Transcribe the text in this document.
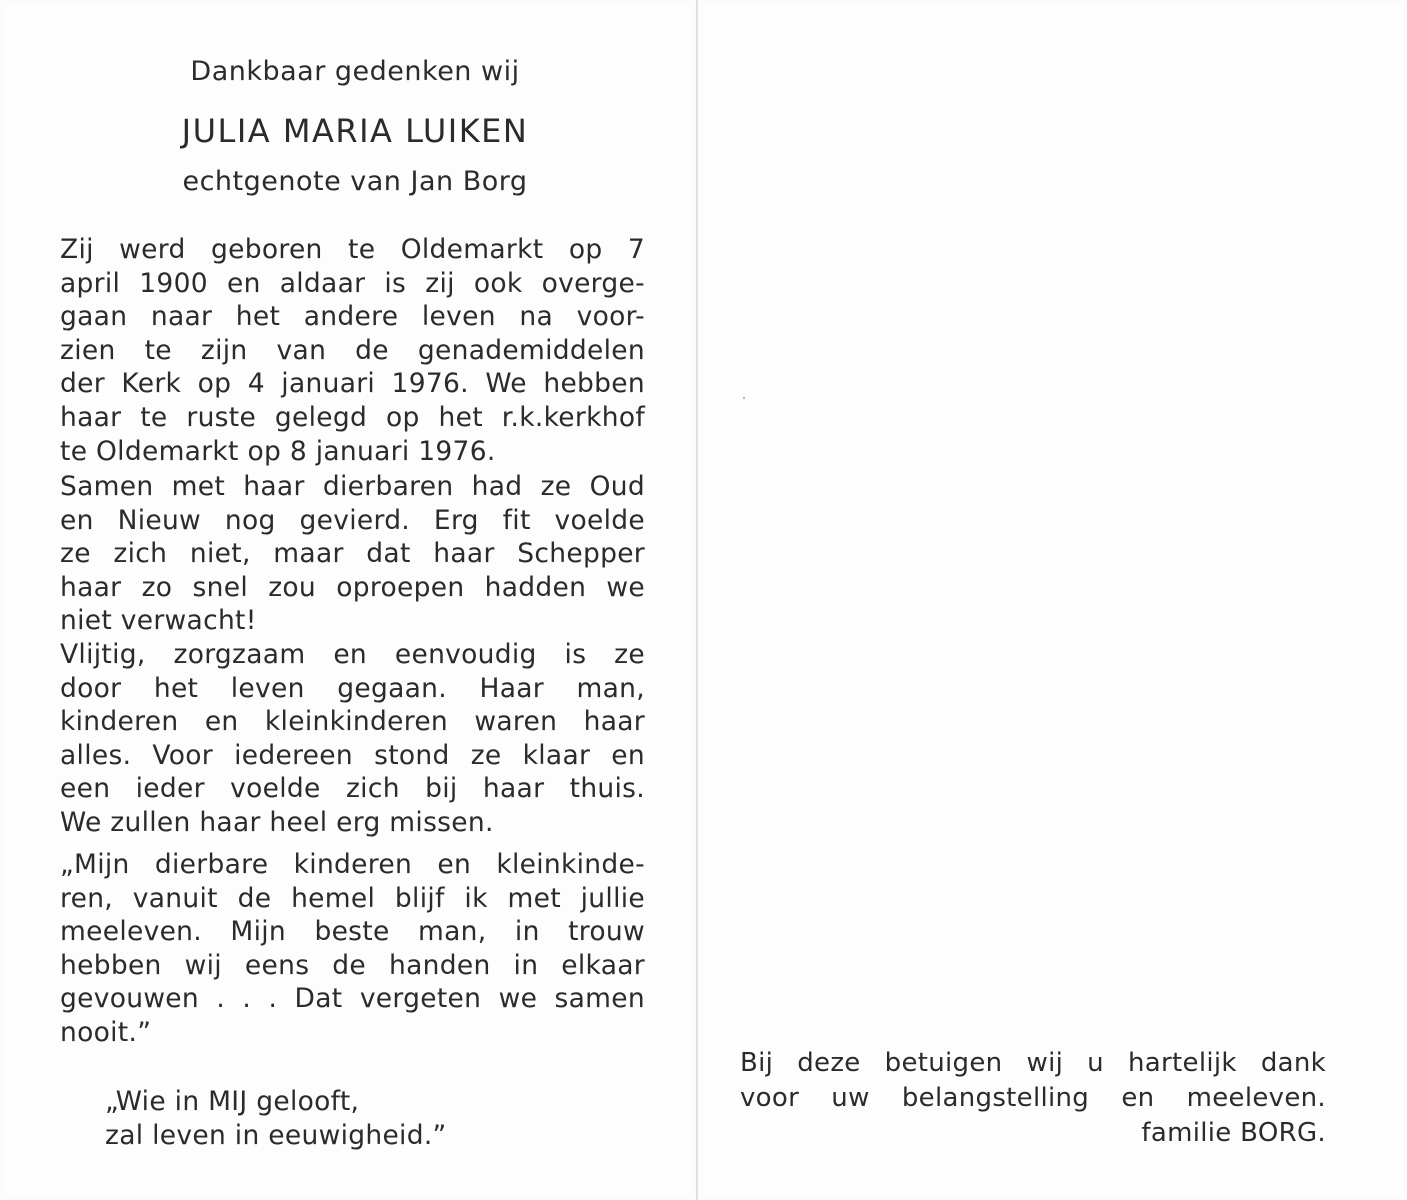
Dankbaar gedenken wij
JULIA MARIA LUIKEN
echtgenote van Jan Borg
Zij werd geboren te Oldemarkt op 7
april 1900 en aldaar is zij ook overge-
gaan naar het andere leven na voor-
zien te zijn van de genademiddelen
der Kerk op 4 januari 1976. We hebben
haar te ruste gelegd op het r.k.kerkhof
te Oldemarkt op 8 januari 1976.
Samen met haar dierbaren had ze Oud
en Nieuw nog gevierd. Erg fit voelde
ze zich niet, maar dat haar Schepper
haar zo snel zou oproepen hadden we
niet verwacht!
Vlijtig, zorgzaam en eenvoudig is ze
door het leven gegaan. Haar man,
kinderen en kleinkinderen waren haar
alles. Voor iedereen stond ze klaar en
een ieder voelde zich bij haar thuis.
We zullen haar heel erg missen.
„Mijn dierbare kinderen en kleinkinde-
ren, vanuit de hemel blijf ik met jullie
meeleven. Mijn beste man, in trouw
hebben wij eens de handen in elkaar
gevouwen . . . Dat vergeten we samen
nooit.”
„Wie in MIJ gelooft,
zal leven in eeuwigheid.”
Bij deze betuigen wij u hartelijk dank
voor uw belangstelling en meeleven.
familie BORG.
